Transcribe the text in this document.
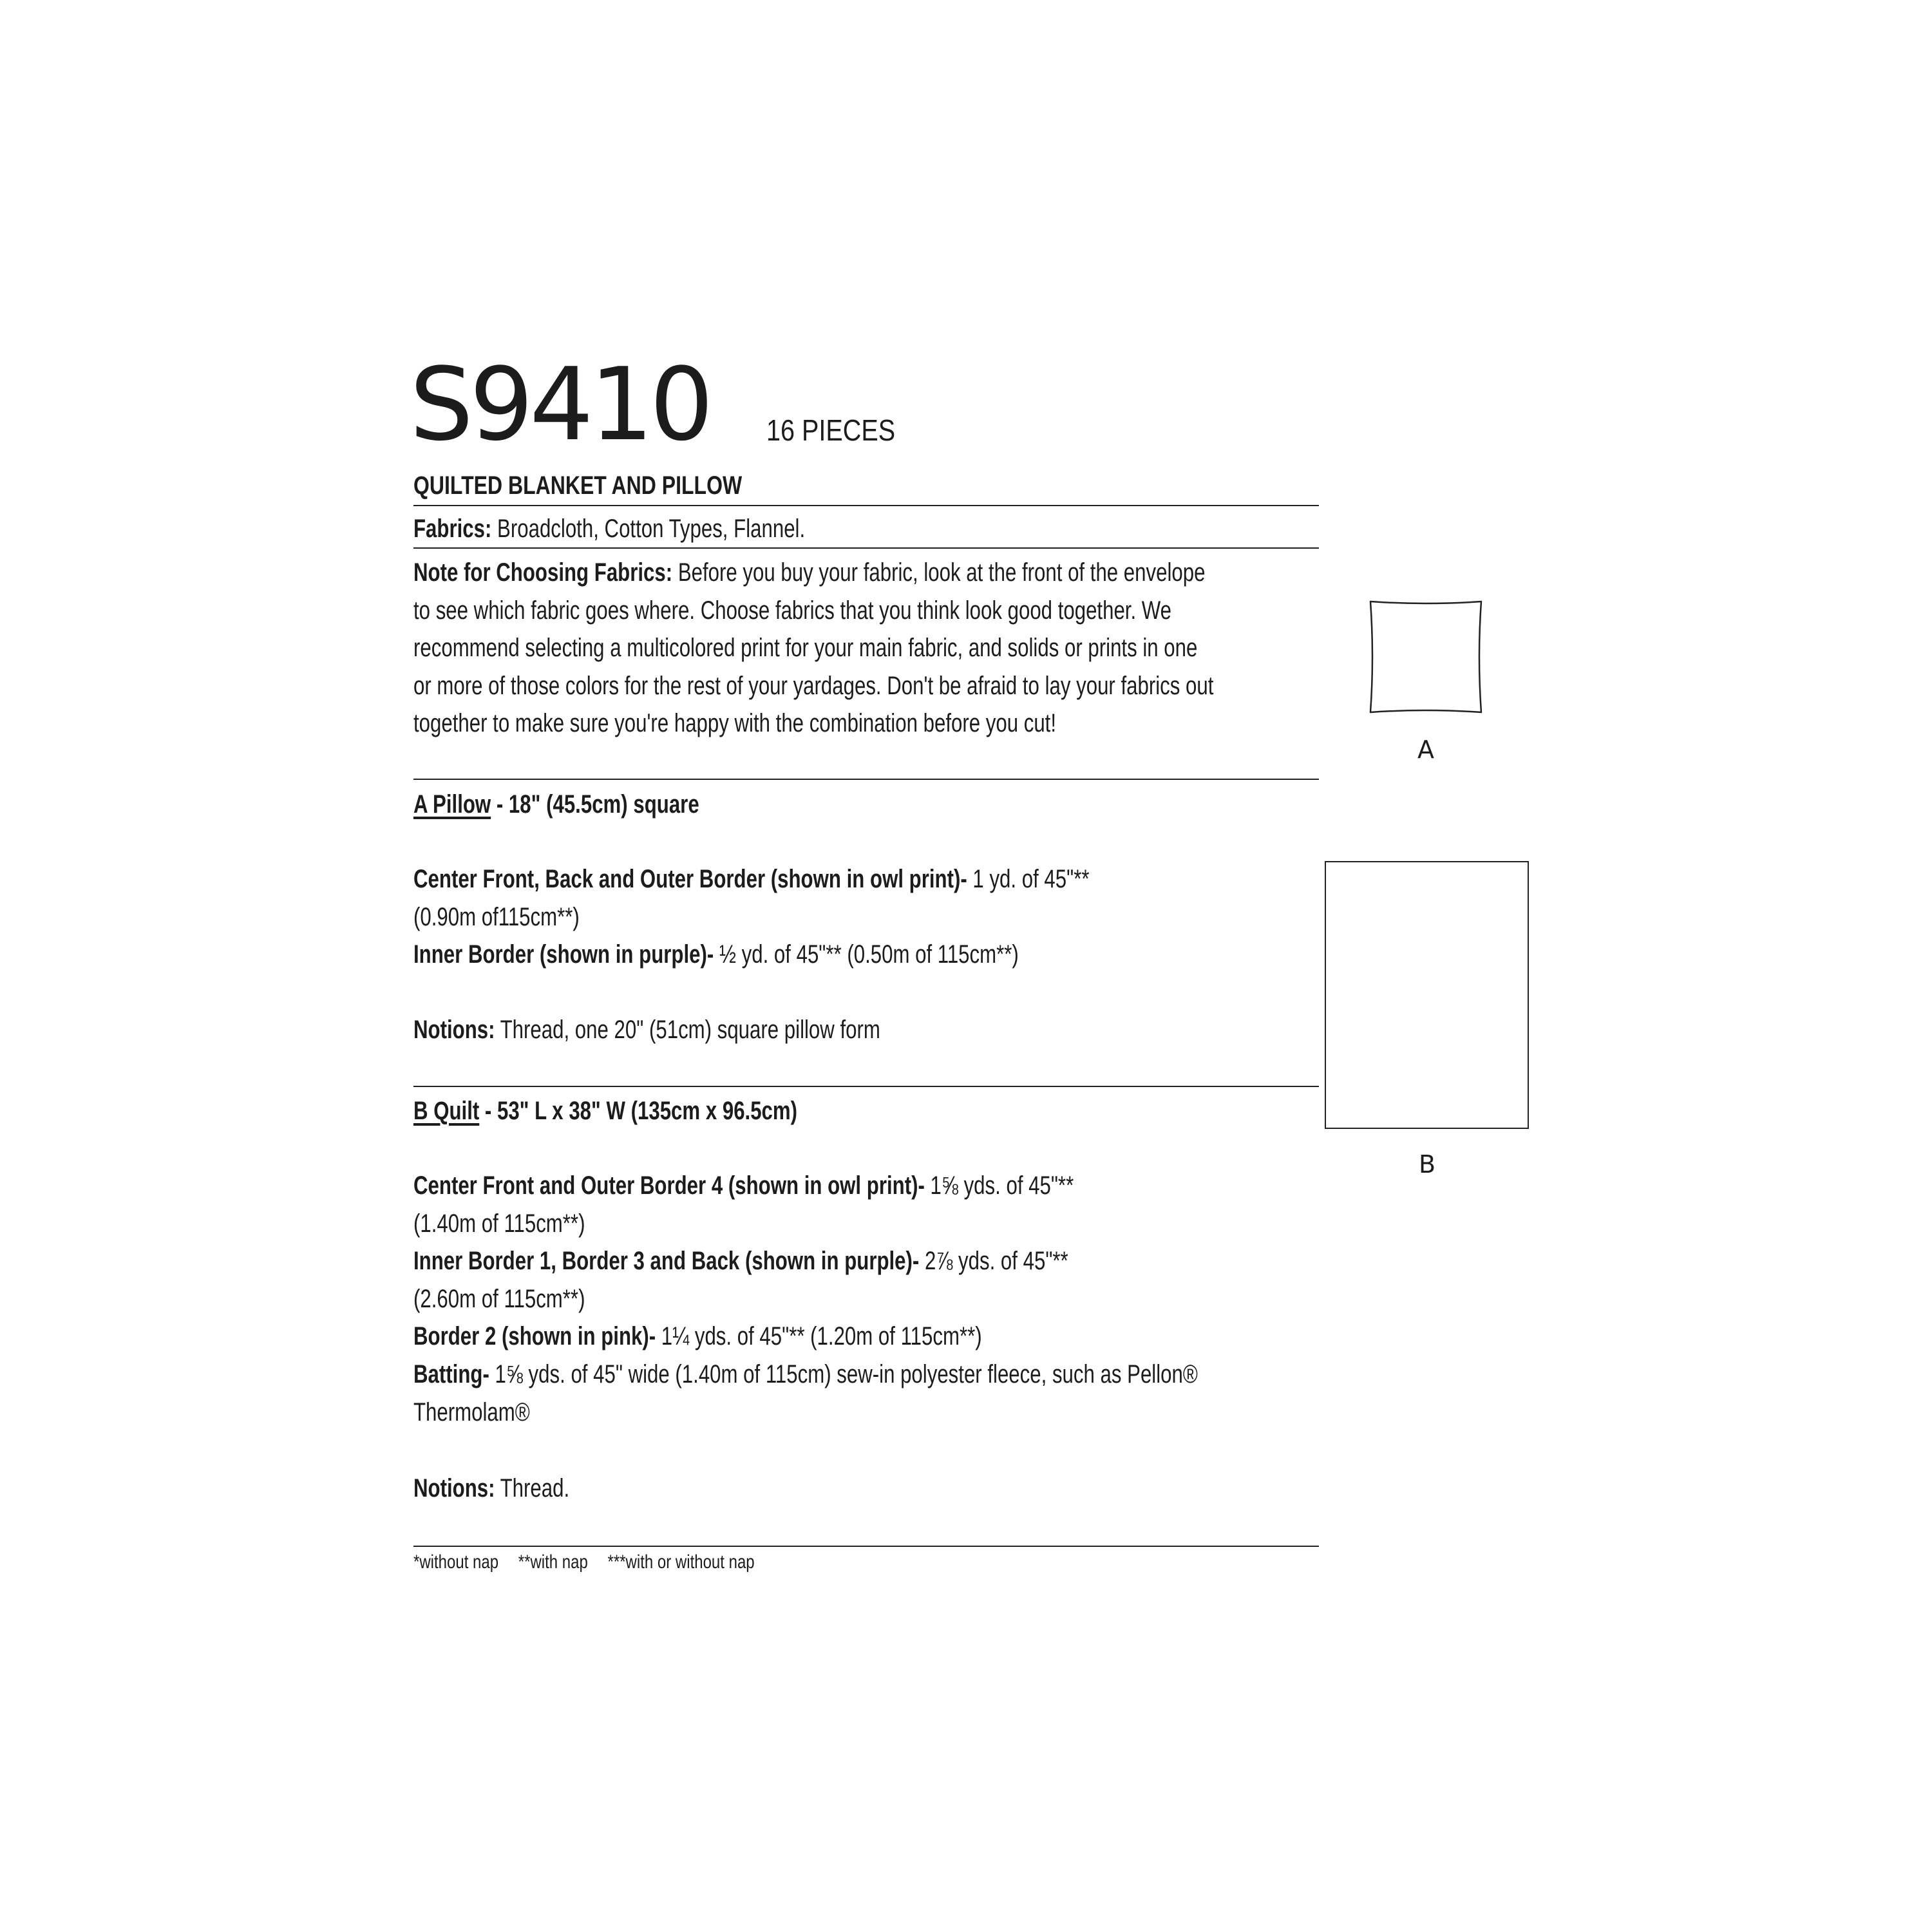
S9410 16 PIECES
QUILTED BLANKET AND PILLOW
Fabrics: Broadcloth, Cotton Types, Flannel.
Note for Choosing Fabrics: Before you buy your fabric, look at the front of the envelope
to see which fabric goes where. Choose fabrics that you think look good together. We
recommend selecting a multicolored print for your main fabric, and solids or prints in one
or more of those colors for the rest of your yardages. Don't be afraid to lay your fabrics out
together to make sure you're happy with the combination before you cut!
A Pillow - 18" (45.5cm) square
Center Front, Back and Outer Border (shown in owl print)- 1 yd. of 45"**
(0.90m of115cm**)
Inner Border (shown in purple)- ½ yd. of 45"** (0.50m of 115cm**)
Notions: Thread, one 20" (51cm) square pillow form
B Quilt - 53" L x 38" W (135cm x 96.5cm)
Center Front and Outer Border 4 (shown in owl print)- 1⅝ yds. of 45"**
(1.40m of 115cm**)
Inner Border 1, Border 3 and Back (shown in purple)- 2⅞ yds. of 45"**
(2.60m of 115cm**)
Border 2 (shown in pink)- 1¼ yds. of 45"** (1.20m of 115cm**)
Batting- 1⅝ yds. of 45" wide (1.40m of 115cm) sew-in polyester fleece, such as Pellon®
Thermolam®
Notions: Thread.
*without nap **with nap ***with or without nap
A
B
